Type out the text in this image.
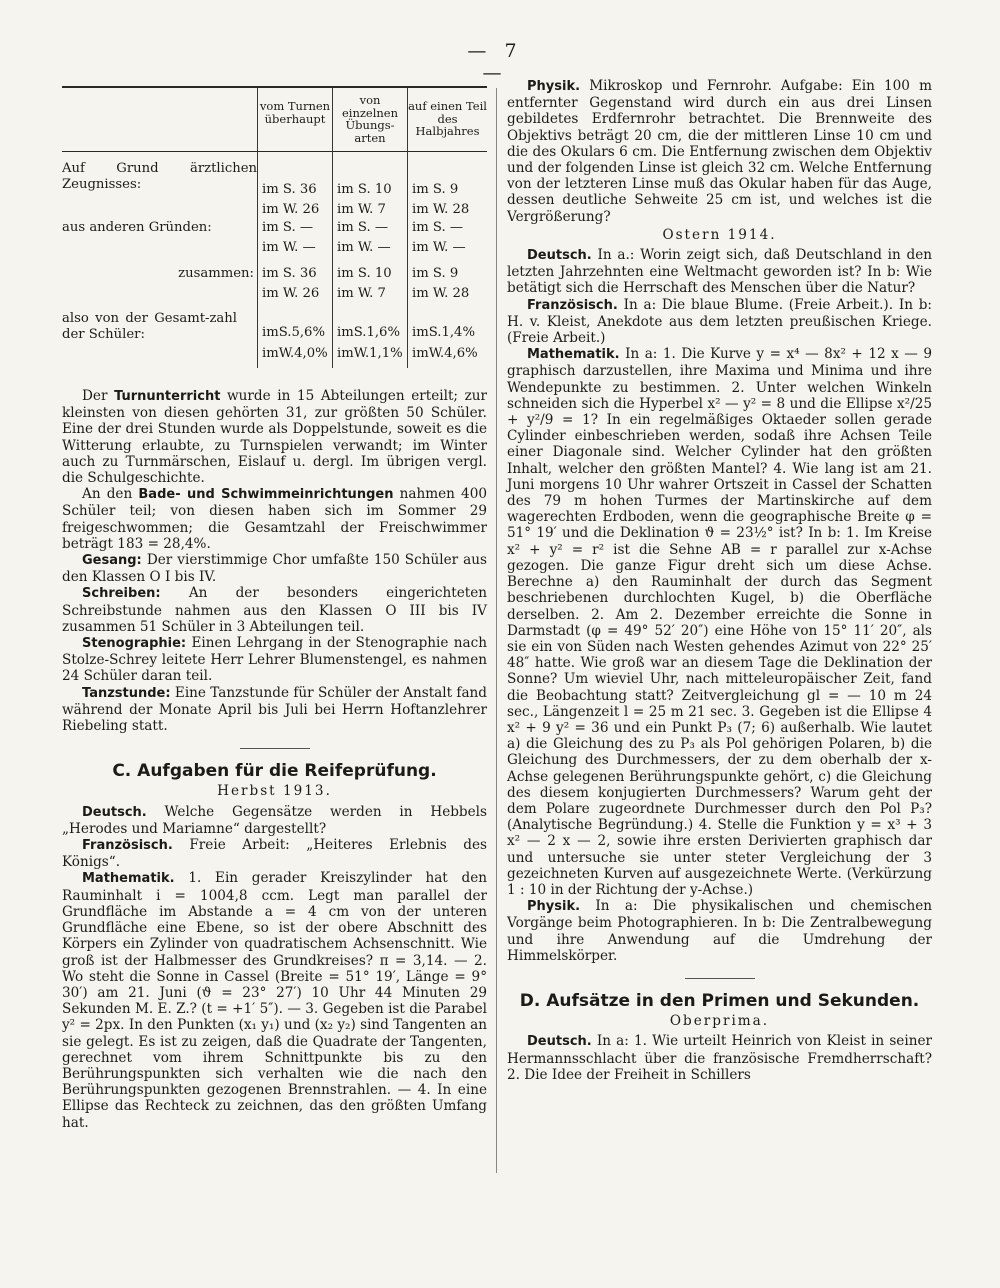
— 7 —
vom Turnen überhaupt
von einzelnen Übungs-arten
auf einen Teil des Halbjahres
Auf Grund ärztlichen Zeugnisses:	im S. 36 im S. 10 im S. 9
im W. 26 im W. 7 im W. 28
aus anderen Gründen:	im S. — im S. — im S. —
im W. — im W. — im W. —
zusammen: im S. 36 im S. 10 im S. 9
im W. 26 im W. 7 im W. 28
also von der Gesamt-zahl der Schüler:	imS.5,6% imS.1,6% imS.1,4%
imW.4,0% imW.1,1% imW.4,6%

Der Turnunterricht wurde in 15 Abteilungen erteilt; zur kleinsten von diesen gehörten 31, zur größten 50 Schüler. Eine der drei Stunden wurde als Doppelstunde, soweit es die Witterung erlaubte, zu Turnspielen verwandt; im Winter auch zu Turnmärschen, Eislauf u. dergl. Im übrigen vergl. die Schulgeschichte.

An den Bade- und Schwimmeinrichtungen nahmen 400 Schüler teil; von diesen haben sich im Sommer 29 freigeschwommen; die Gesamtzahl der Freischwimmer beträgt 183 = 28,4%.

Gesang: Der vierstimmige Chor umfaßte 150 Schüler aus den Klassen O I bis IV.

Schreiben: An der besonders eingerichteten Schreibstunde nahmen aus den Klassen O III bis IV zusammen 51 Schüler in 3 Abteilungen teil.

Stenographie: Einen Lehrgang in der Stenographie nach Stolze-Schrey leitete Herr Lehrer Blumenstengel, es nahmen 24 Schüler daran teil.

Tanzstunde: Eine Tanzstunde für Schüler der Anstalt fand während der Monate April bis Juli bei Herrn Hoftanzlehrer Riebeling statt.

C. Aufgaben für die Reifeprüfung.
Herbst 1913.

Deutsch. Welche Gegensätze werden in Hebbels „Herodes und Mariamne“ dargestellt?

Französisch. Freie Arbeit: „Heiteres Erlebnis des Königs“.

Mathematik. 1. Ein gerader Kreiszylinder hat den Rauminhalt i = 1004,8 ccm. Legt man parallel der Grundfläche im Abstande a = 4 cm von der unteren Grundfläche eine Ebene, so ist der obere Abschnitt des Körpers ein Zylinder von quadratischem Achsenschnitt. Wie groß ist der Halbmesser des Grundkreises? π = 3,14. — 2. Wo steht die Sonne in Cassel (Breite = 51° 19′, Länge = 9° 30′) am 21. Juni (ϑ = 23° 27′) 10 Uhr 44 Minuten 29 Sekunden M. E. Z.? (t = +1′ 5″). — 3. Gegeben ist die Parabel y² = 2px. In den Punkten (x₁ y₁) und (x₂ y₂) sind Tangenten an sie gelegt. Es ist zu zeigen, daß die Quadrate der Tangenten, gerechnet vom ihrem Schnittpunkte bis zu den Berührungspunkten sich verhalten wie die nach den Berührungspunkten gezogenen Brennstrahlen. — 4. In eine Ellipse das Rechteck zu zeichnen, das den größten Umfang hat.

Physik. Mikroskop und Fernrohr. Aufgabe: Ein 100 m entfernter Gegenstand wird durch ein aus drei Linsen gebildetes Erdfernrohr betrachtet. Die Brennweite des Objektivs beträgt 20 cm, die der mittleren Linse 10 cm und die des Okulars 6 cm. Die Entfernung zwischen dem Objektiv und der folgenden Linse ist gleich 32 cm. Welche Entfernung von der letzteren Linse muß das Okular haben für das Auge, dessen deutliche Sehweite 25 cm ist, und welches ist die Vergrößerung?

Ostern 1914.

Deutsch. In a.: Worin zeigt sich, daß Deutschland in den letzten Jahrzehnten eine Weltmacht geworden ist? In b: Wie betätigt sich die Herrschaft des Menschen über die Natur?

Französisch. In a: Die blaue Blume. (Freie Arbeit.). In b: H. v. Kleist, Anekdote aus dem letzten preußischen Kriege. (Freie Arbeit.)

Mathematik. In a: 1. Die Kurve y = x⁴ — 8x² + 12 x — 9 graphisch darzustellen, ihre Maxima und Minima und ihre Wendepunkte zu bestimmen. 2. Unter welchen Winkeln schneiden sich die Hyperbel x² — y² = 8 und die Ellipse x²/25 + y²/9 = 1? In ein regelmäßiges Oktaeder sollen gerade Cylinder einbeschrieben werden, sodaß ihre Achsen Teile einer Diagonale sind. Welcher Cylinder hat den größten Inhalt, welcher den größten Mantel? 4. Wie lang ist am 21. Juni morgens 10 Uhr wahrer Ortszeit in Cassel der Schatten des 79 m hohen Turmes der Martinskirche auf dem wagerechten Erdboden, wenn die geographische Breite φ = 51° 19′ und die Deklination ϑ = 23½° ist? In b: 1. Im Kreise x² + y² = r² ist die Sehne AB = r parallel zur x-Achse gezogen. Die ganze Figur dreht sich um diese Achse. Berechne a) den Rauminhalt der durch das Segment beschriebenen durchlochten Kugel, b) die Oberfläche derselben. 2. Am 2. Dezember erreichte die Sonne in Darmstadt (φ = 49° 52′ 20″) eine Höhe von 15° 11′ 20″, als sie ein von Süden nach Westen gehendes Azimut von 22° 25′ 48″ hatte. Wie groß war an diesem Tage die Deklination der Sonne? Um wieviel Uhr, nach mitteleuropäischer Zeit, fand die Beobachtung statt? Zeitvergleichung gl = — 10 m 24 sec., Längenzeit l = 25 m 21 sec. 3. Gegeben ist die Ellipse 4 x² + 9 y² = 36 und ein Punkt P₃ (7; 6) außerhalb. Wie lautet a) die Gleichung des zu P₃ als Pol gehörigen Polaren, b) die Gleichung des Durchmessers, der zu dem oberhalb der x-Achse gelegenen Berührungspunkte gehört, c) die Gleichung des diesem konjugierten Durchmessers? Warum geht der dem Polare zugeordnete Durchmesser durch den Pol P₃? (Analytische Begründung.) 4. Stelle die Funktion y = x³ + 3 x² — 2 x — 2, sowie ihre ersten Derivierten graphisch dar und untersuche sie unter steter Vergleichung der 3 gezeichneten Kurven auf ausgezeichnete Werte. (Verkürzung 1 : 10 in der Richtung der y-Achse.)

Physik. In a: Die physikalischen und chemischen Vorgänge beim Photographieren. In b: Die Zentralbewegung und ihre Anwendung auf die Umdrehung der Himmelskörper.

D. Aufsätze in den Primen und Sekunden.
Oberprima.

Deutsch. In a: 1. Wie urteilt Heinrich von Kleist in seiner Hermannsschlacht über die französische Fremdherrschaft? 2. Die Idee der Freiheit in Schillers
